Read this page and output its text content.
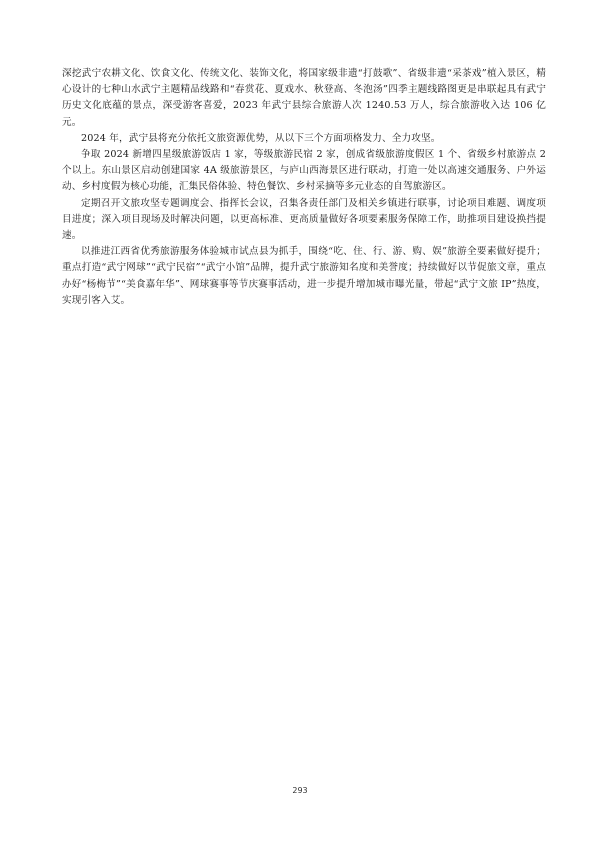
深挖武宁农耕文化、饮食文化、传统文化、装饰文化，将国家级非遗“打鼓歌”、省级非遗“采茶戏”植入景区，精心设计的七种山水武宁主题精品线路和“春赏花、夏戏水、秋登高、冬泡汤”四季主题线路图更是串联起具有武宁历史文化底蕴的景点，深受游客喜爱，2023 年武宁县综合旅游人次 1240.53 万人，综合旅游收入达 106 亿元。

2024 年，武宁县将充分依托文旅资源优势，从以下三个方面项格发力、全力攻坚。

争取 2024 新增四星级旅游饭店 1 家，等级旅游民宿 2 家，创成省级旅游度假区 1 个、省级乡村旅游点 2 个以上。东山景区启动创建国家 4A 级旅游景区，与庐山西海景区进行联动，打造一处以高速交通服务、户外运动、乡村度假为核心功能，汇集民俗体验、特色餐饮、乡村采摘等多元业态的自驾旅游区。

定期召开文旅攻坚专题调度会、指挥长会议，召集各责任部门及相关乡镇进行联事，讨论项目难题、调度项目进度；深入项目现场及时解决问题，以更高标准、更高质量做好各项要素服务保障工作，助推项目建设换挡提速。

以推进江西省优秀旅游服务体验城市试点县为抓手，围绕“吃、住、行、游、购、娱”旅游全要素做好提升；重点打造“武宁网球”“武宁民宿”“武宁小馆”品牌，提升武宁旅游知名度和美誉度；持续做好以节促旅文章，重点办好“杨梅节”“美食嘉年华”、网球赛事等节庆赛事活动，进一步提升增加城市曝光量，带起“武宁文旅 IP”热度，实现引客入艾。

293
